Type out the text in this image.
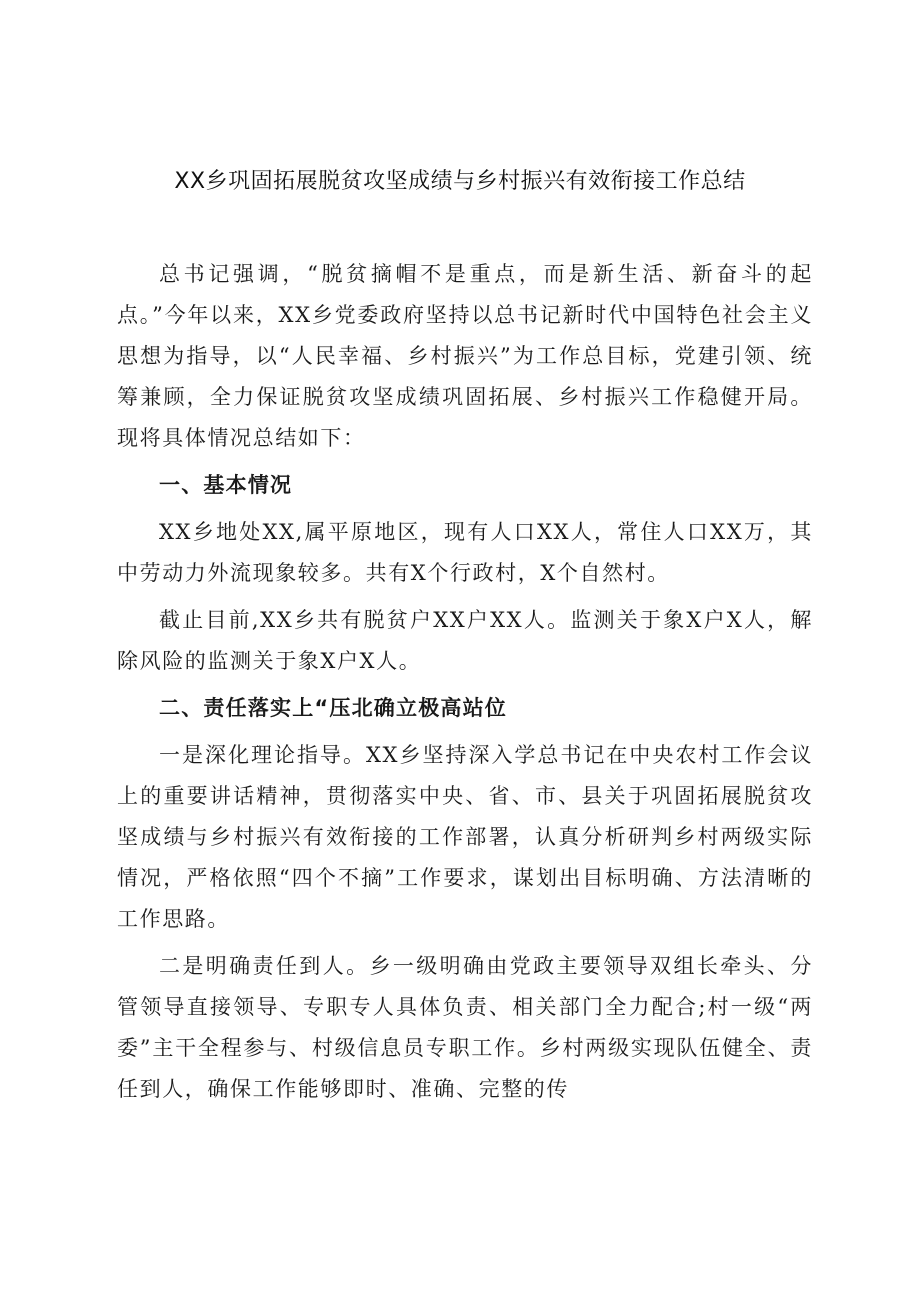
XX乡巩固拓展脱贫攻坚成绩与乡村振兴有效衔接工作总结

总书记强调，“脱贫摘帽不是重点，而是新生活、新奋斗的起点。”今年以来，XX乡党委政府坚持以总书记新时代中国特色社会主义思想为指导，以“人民幸福、乡村振兴”为工作总目标，党建引领、统筹兼顾，全力保证脱贫攻坚成绩巩固拓展、乡村振兴工作稳健开局。现将具体情况总结如下：

一、基本情况

XX乡地处XX,属平原地区，现有人口XX人，常住人口XX万，其中劳动力外流现象较多。共有X个行政村，X个自然村。

截止目前,XX乡共有脱贫户XX户XX人。监测关于象X户X人，解除风险的监测关于象X户X人。

二、责任落实上“压北确立极高站位

一是深化理论指导。XX乡坚持深入学总书记在中央农村工作会议上的重要讲话精神，贯彻落实中央、省、市、县关于巩固拓展脱贫攻坚成绩与乡村振兴有效衔接的工作部署，认真分析研判乡村两级实际情况，严格依照“四个不摘”工作要求，谋划出目标明确、方法清晰的工作思路。

二是明确责任到人。乡一级明确由党政主要领导双组长牵头、分管领导直接领导、专职专人具体负责、相关部门全力配合;村一级“两委”主干全程参与、村级信息员专职工作。乡村两级实现队伍健全、责任到人，确保工作能够即时、准确、完整的传
